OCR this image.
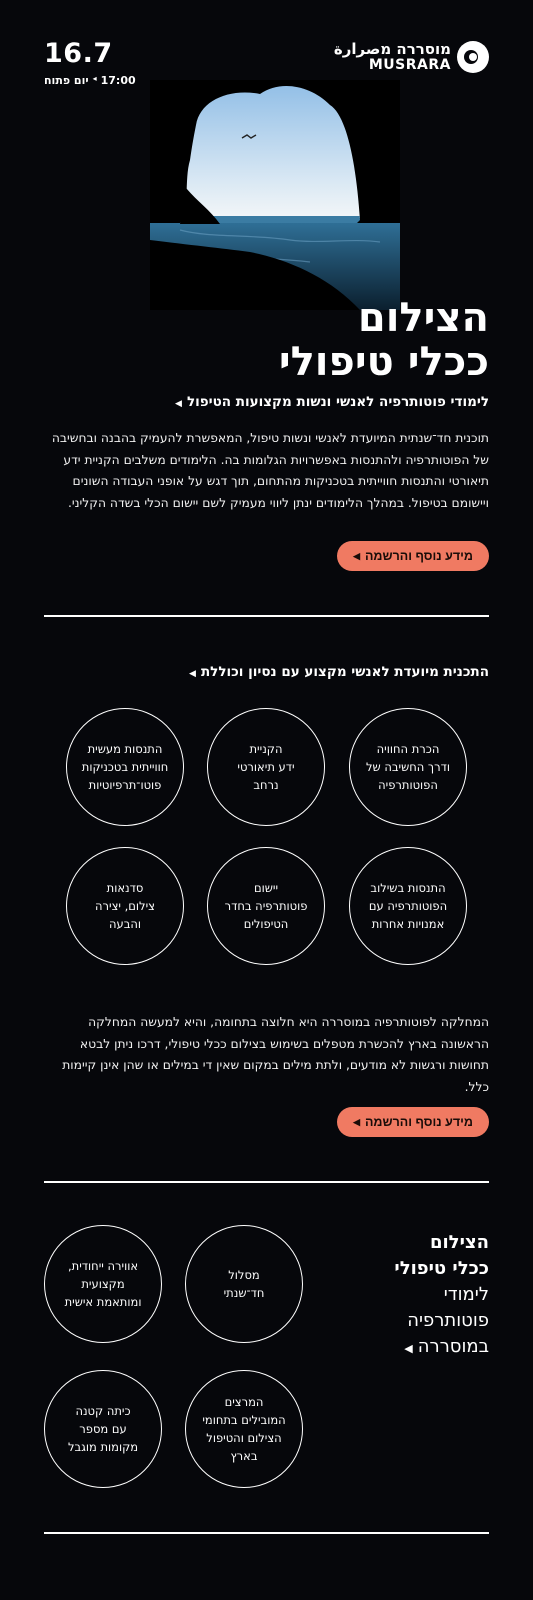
16.7
יום פתוח ◂ 17:00
מוסררה מصرارة
MUSRARA
הצילום
ככלי טיפולי
לימודי פוטותרפיה לאנשי ונשות מקצועות הטיפול◀

תוכנית חד־שנתית המיועדת לאנשי ונשות טיפול, המאפשרת להעמיק בהבנה ובחשיבה של הפוטותרפיה ולהתנסות באפשרויות הגלומות בה. הלימודים משלבים הקניית ידע תיאורטי והתנסות חווייתית בטכניקות מהתחום, תוך דגש על אופני העבודה השונים ויישומם בטיפול. במהלך הלימודים ינתן ליווי מעמיק לשם יישום הכלי בשדה הקליני.

מידע נוסף והרשמה
◀
התכנית מיועדת לאנשי מקצוע עם נסיון וכוללת◀
הכרת החוויה
ודרך החשיבה של
הפוטותרפיה
הקניית
ידע תיאורטי
נרחב
התנסות מעשית
חווייתית בטכניקות
פוטו־תרפיוטיות
התנסות בשילוב
הפוטותרפיה עם
אמנויות אחרות
יישום
פוטותרפיה בחדר
הטיפולים
סדנאות
צילום, יצירה
והבעה

המחלקה לפוטותרפיה במוסררה היא חלוצה בתחומה, והיא למעשה המחלקה הראשונה בארץ להכשרת מטפלים בשימוש בצילום ככלי טיפולי, דרכו ניתן לבטא תחושות ורגשות לא מודעים, ולתת מילים במקום שאין די במילים או שהן אינן קיימות כלל.

מידע נוסף והרשמה
◀
הצילום
ככלי טיפולי
לימודי
פוטותרפיה
במוסררה◀
מסלול
חד־שנתי
אווירה ייחודית,
מקצועית
ומותאמת אישית
המרצים
המובילים בתחומי
הצילום והטיפול
בארץ
כיתה קטנה
עם מספר
מקומות מוגבל
